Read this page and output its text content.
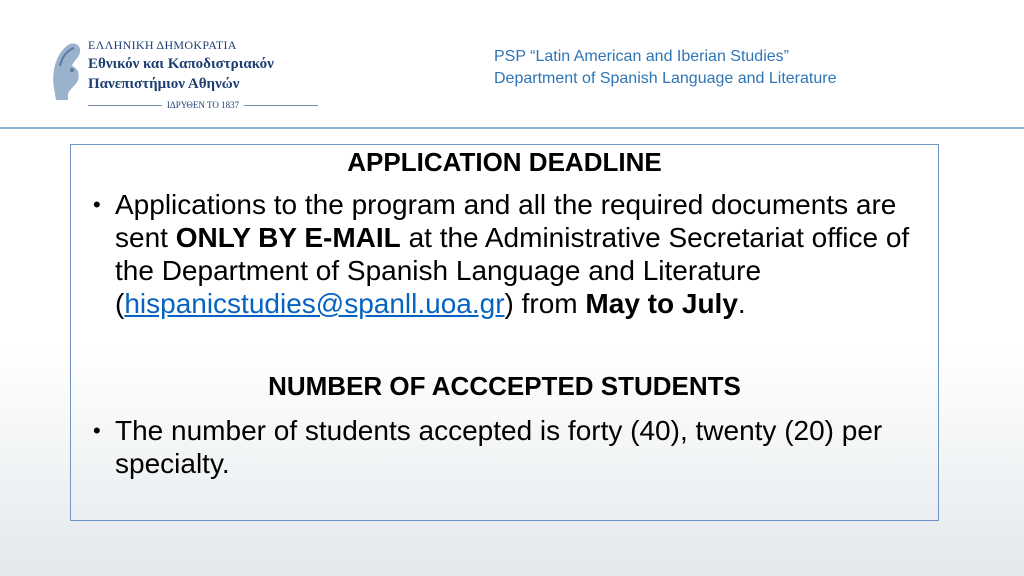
ΕΛΛΗΝΙΚΗ ΔΗΜΟΚΡΑΤΙΑ
Εθνικόν και Καποδιστριακόν
Πανεπιστήμιον Αθηνών
ΙΔΡΥΘΕΝ ΤΟ 1837
PSP “Latin American and Iberian Studies”
Department of Spanish Language and Literature
APPLICATION DEADLINE
• Applications to the program and all the required documents are sent ONLY BY E-MAIL at the Administrative Secretariat office of the Department of Spanish Language and Literature (hispanicstudies@spanll.uoa.gr) from May to July.
NUMBER OF ACCCEPTED STUDENTS
• The number of students accepted is forty (40), twenty (20) per specialty.
